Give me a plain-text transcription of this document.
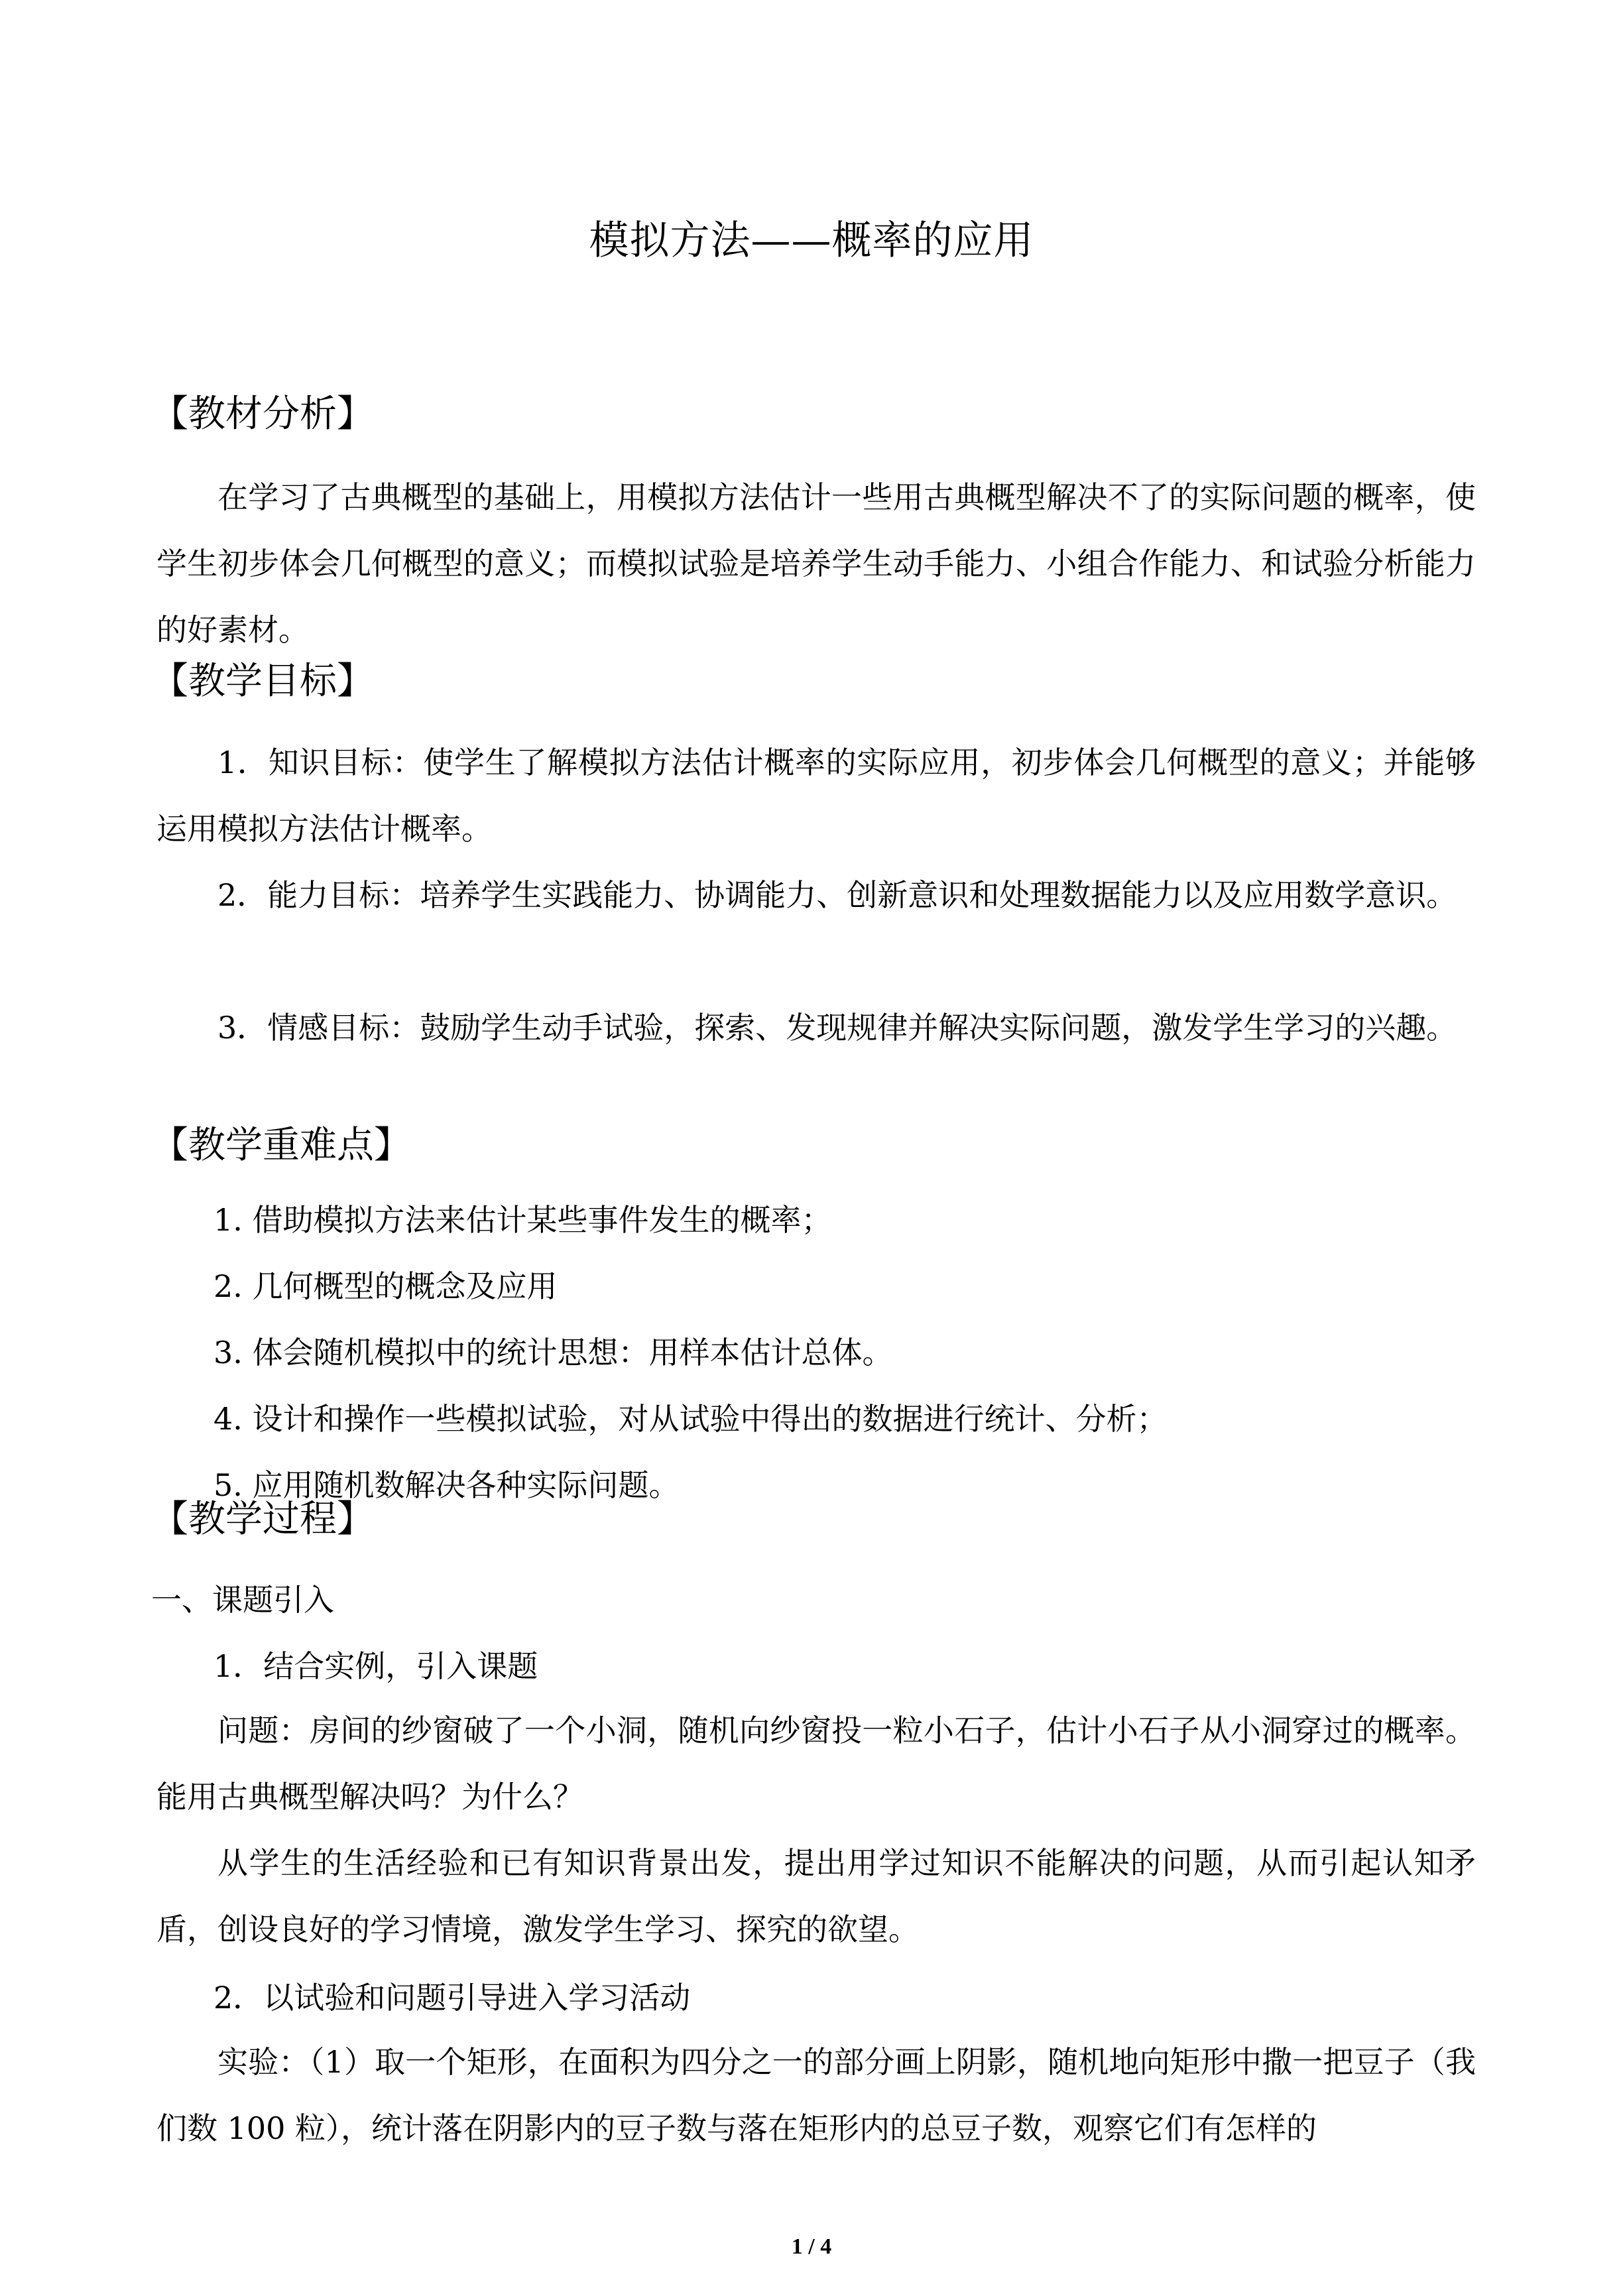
模拟方法——概率的应用
【教材分析】

在学习了古典概型的基础上，用模拟方法估计一些用古典概型解决不了的实际问题的概率，使学生初步体会几何概型的意义；而模拟试验是培养学生动手能力、小组合作能力、和试验分析能力的好素材。

【教学目标】

1．知识目标：使学生了解模拟方法估计概率的实际应用，初步体会几何概型的意义；并能够运用模拟方法估计概率。

2．能力目标：培养学生实践能力、协调能力、创新意识和处理数据能力以及应用数学意识。

3．情感目标：鼓励学生动手试验，探索、发现规律并解决实际问题，激发学生学习的兴趣。

【教学重难点】
1. 借助模拟方法来估计某些事件发生的概率；
2. 几何概型的概念及应用
3. 体会随机模拟中的统计思想：用样本估计总体。
4. 设计和操作一些模拟试验，对从试验中得出的数据进行统计、分析；
5. 应用随机数解决各种实际问题。
【教学过程】
一、课题引入
1．结合实例，引入课题

问题：房间的纱窗破了一个小洞，随机向纱窗投一粒小石子，估计小石子从小洞穿过的概率。能用古典概型解决吗？为什么？

从学生的生活经验和已有知识背景出发，提出用学过知识不能解决的问题，从而引起认知矛盾，创设良好的学习情境，激发学生学习、探究的欲望。

2．以试验和问题引导进入学习活动

实验：（1）取一个矩形，在面积为四分之一的部分画上阴影，随机地向矩形中撒一把豆子（我们数 100 粒），统计落在阴影内的豆子数与落在矩形内的总豆子数，观察它们有怎样的

1 / 4
